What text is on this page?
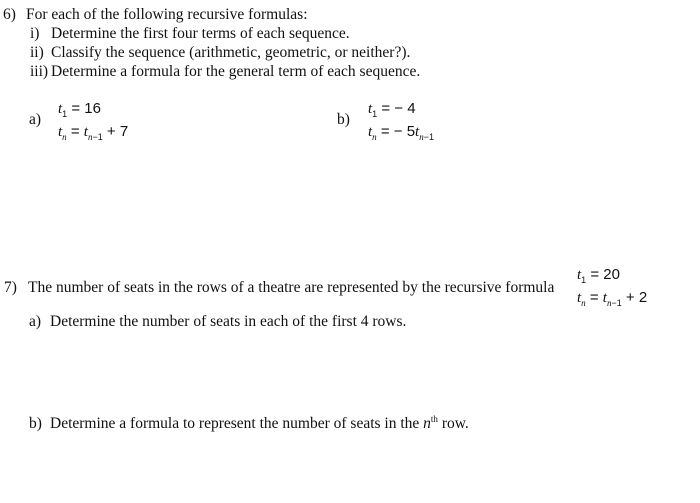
6) For each of the following recursive formulas:
i) Determine the first four terms of each sequence.
ii) Classify the sequence (arithmetic, geometric, or neither?).
iii) Determine a formula for the general term of each sequence.
a)
$t_1 = 16$
$t_n = t_{n-1} + 7$
b)
$t_1$ = − 4
$t_n$ = − $5t_{n-1}$
7) The number of seats in the rows of a theatre are represented by the recursive formula
$t_1 = 20$
$t_n = t_{n-1} + 2$
a) Determine the number of seats in each of the first 4 rows.
b) Determine a formula to represent the number of seats in the $n^{th}$ row.
